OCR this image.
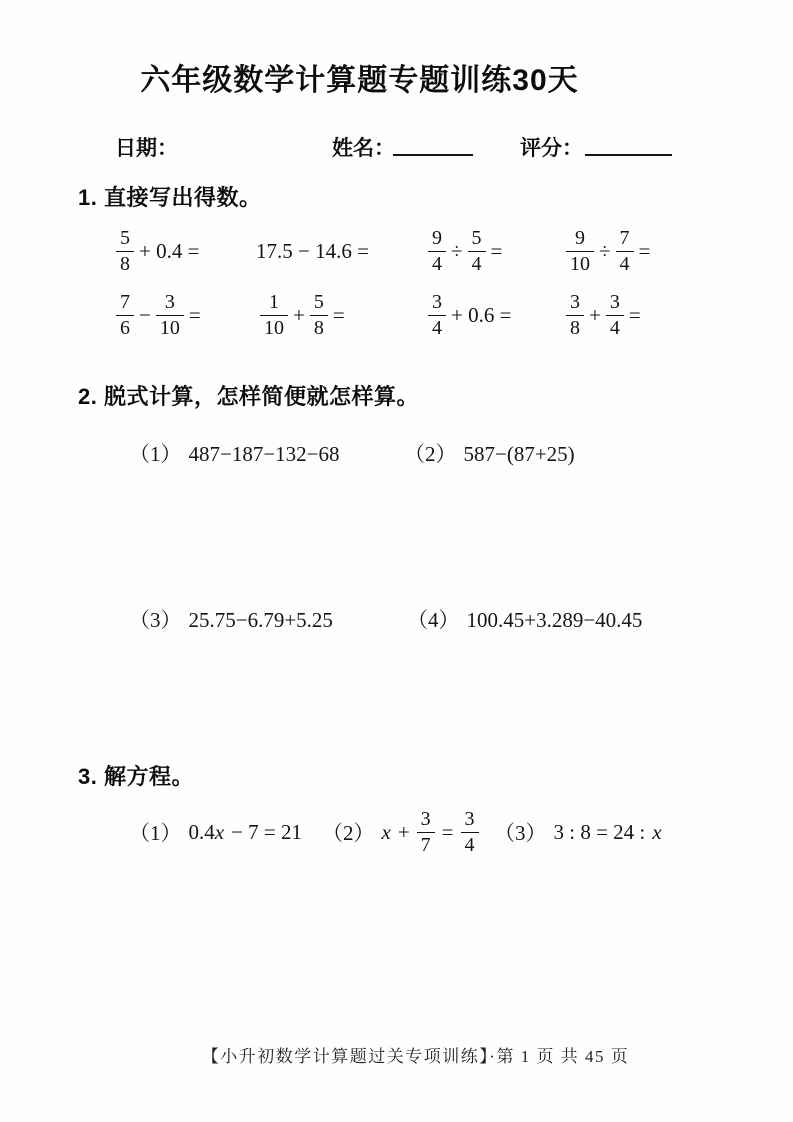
六年级数学计算题专题训练30天
日期：	姓名：	评分：
1. 直接写出得数。
$\frac{5}{8} + 0.4$ =	17.5 − 14.6 =	$\frac{9}{4} \div \frac{5}{4}$ =	$\frac{9}{10} \div \frac{7}{4}$ =
$\frac{7}{6} - \frac{3}{10}$ =	$\frac{1}{10} + \frac{5}{8}$ =	$\frac{3}{4} + 0.6$ =	$\frac{3}{8} + \frac{3}{4}$ =
2. 脱式计算，怎样简便就怎样算。
（1） 487−187−132−68	（2） 587−(87+25)
（3） 25.75−6.79+5.25	（4） 100.45+3.289−40.45
3. 解方程。
（1） 0.4 x − 7 = 21 （2） $x + \frac{3}{7} = \frac{3}{4} (3)$ 3 : 8 = 24 : x
【小升初数学计算题过关专项训练】·第 1 页 共 45 页
